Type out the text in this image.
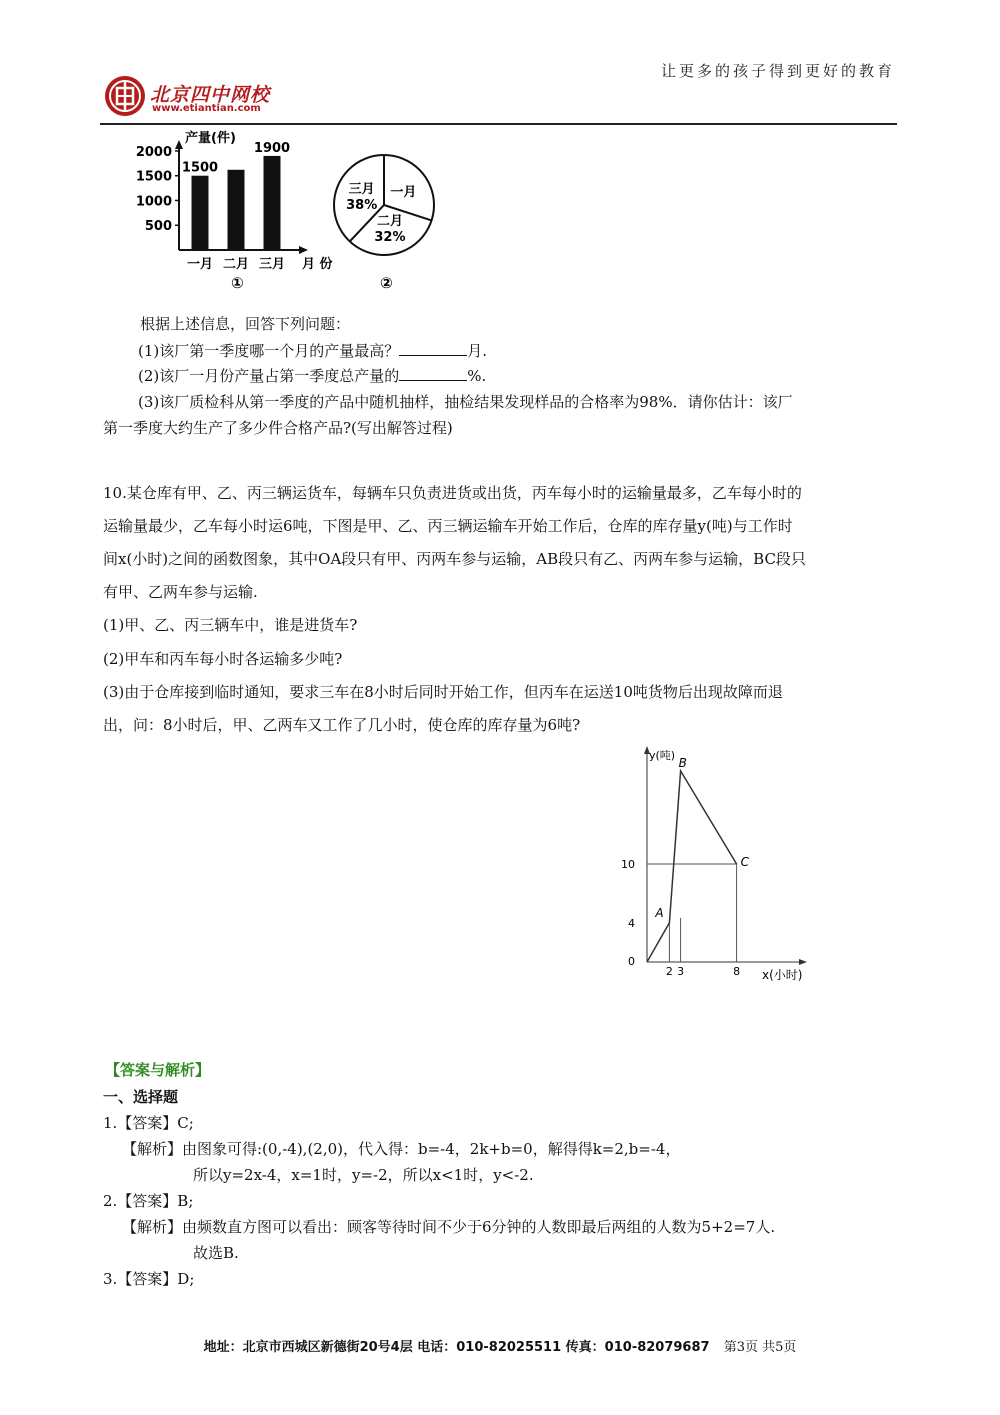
让更多的孩子得到更好的教育
北京四中网校
www.etiantian.com
产量(件)
2000
1500
1000
500
1500
1900
一月 二月 三月 月 份
①
一月
二月
32%
三月
38%
②
根据上述信息，回答下列问题：
(1)该厂第一季度哪一个月的产量最高？	月.
(2)该厂一月份产量占第一季度总产量的	%.
(3)该厂质检科从第一季度的产品中随机抽样，抽检结果发现样品的合格率为98%．请你估计：该厂
第一季度大约生产了多少件合格产品?(写出解答过程)
10.某仓库有甲、乙、丙三辆运货车，每辆车只负责进货或出货，丙车每小时的运输量最多，乙车每小时的
运输量最少，乙车每小时运6吨，下图是甲、乙、丙三辆运输车开始工作后，仓库的库存量y(吨)与工作时
间x(小时)之间的函数图象，其中OA段只有甲、丙两车参与运输，AB段只有乙、丙两车参与运输，BC段只
有甲、乙两车参与运输.
(1)甲、乙、丙三辆车中，谁是进货车?
(2)甲车和丙车每小时各运输多少吨?
(3)由于仓库接到临时通知，要求三车在8小时后同时开始工作，但丙车在运送10吨货物后出现故障而退
出，问：8小时后，甲、乙两车又工作了几小时，使仓库的库存量为6吨?
A
B
C
2 3	8
4
10
0
y(吨)
x(小时)
【答案与解析】
一、选择题
1.【答案】C;
【解析】由图象可得:(0,-4),(2,0)，代入得：b=-4，2k+b=0，解得得k=2,b=-4，
所以y=2x-4，x=1时，y=-2，所以x<1时，y<-2.
2.【答案】B;
【解析】由频数直方图可以看出：顾客等待时间不少于6分钟的人数即最后两组的人数为5+2=7人.
故选B.
3.【答案】D;
地址：北京市西城区新德街20号4层 电话：010-82025511 传真：010-82079687 第3页 共5页
